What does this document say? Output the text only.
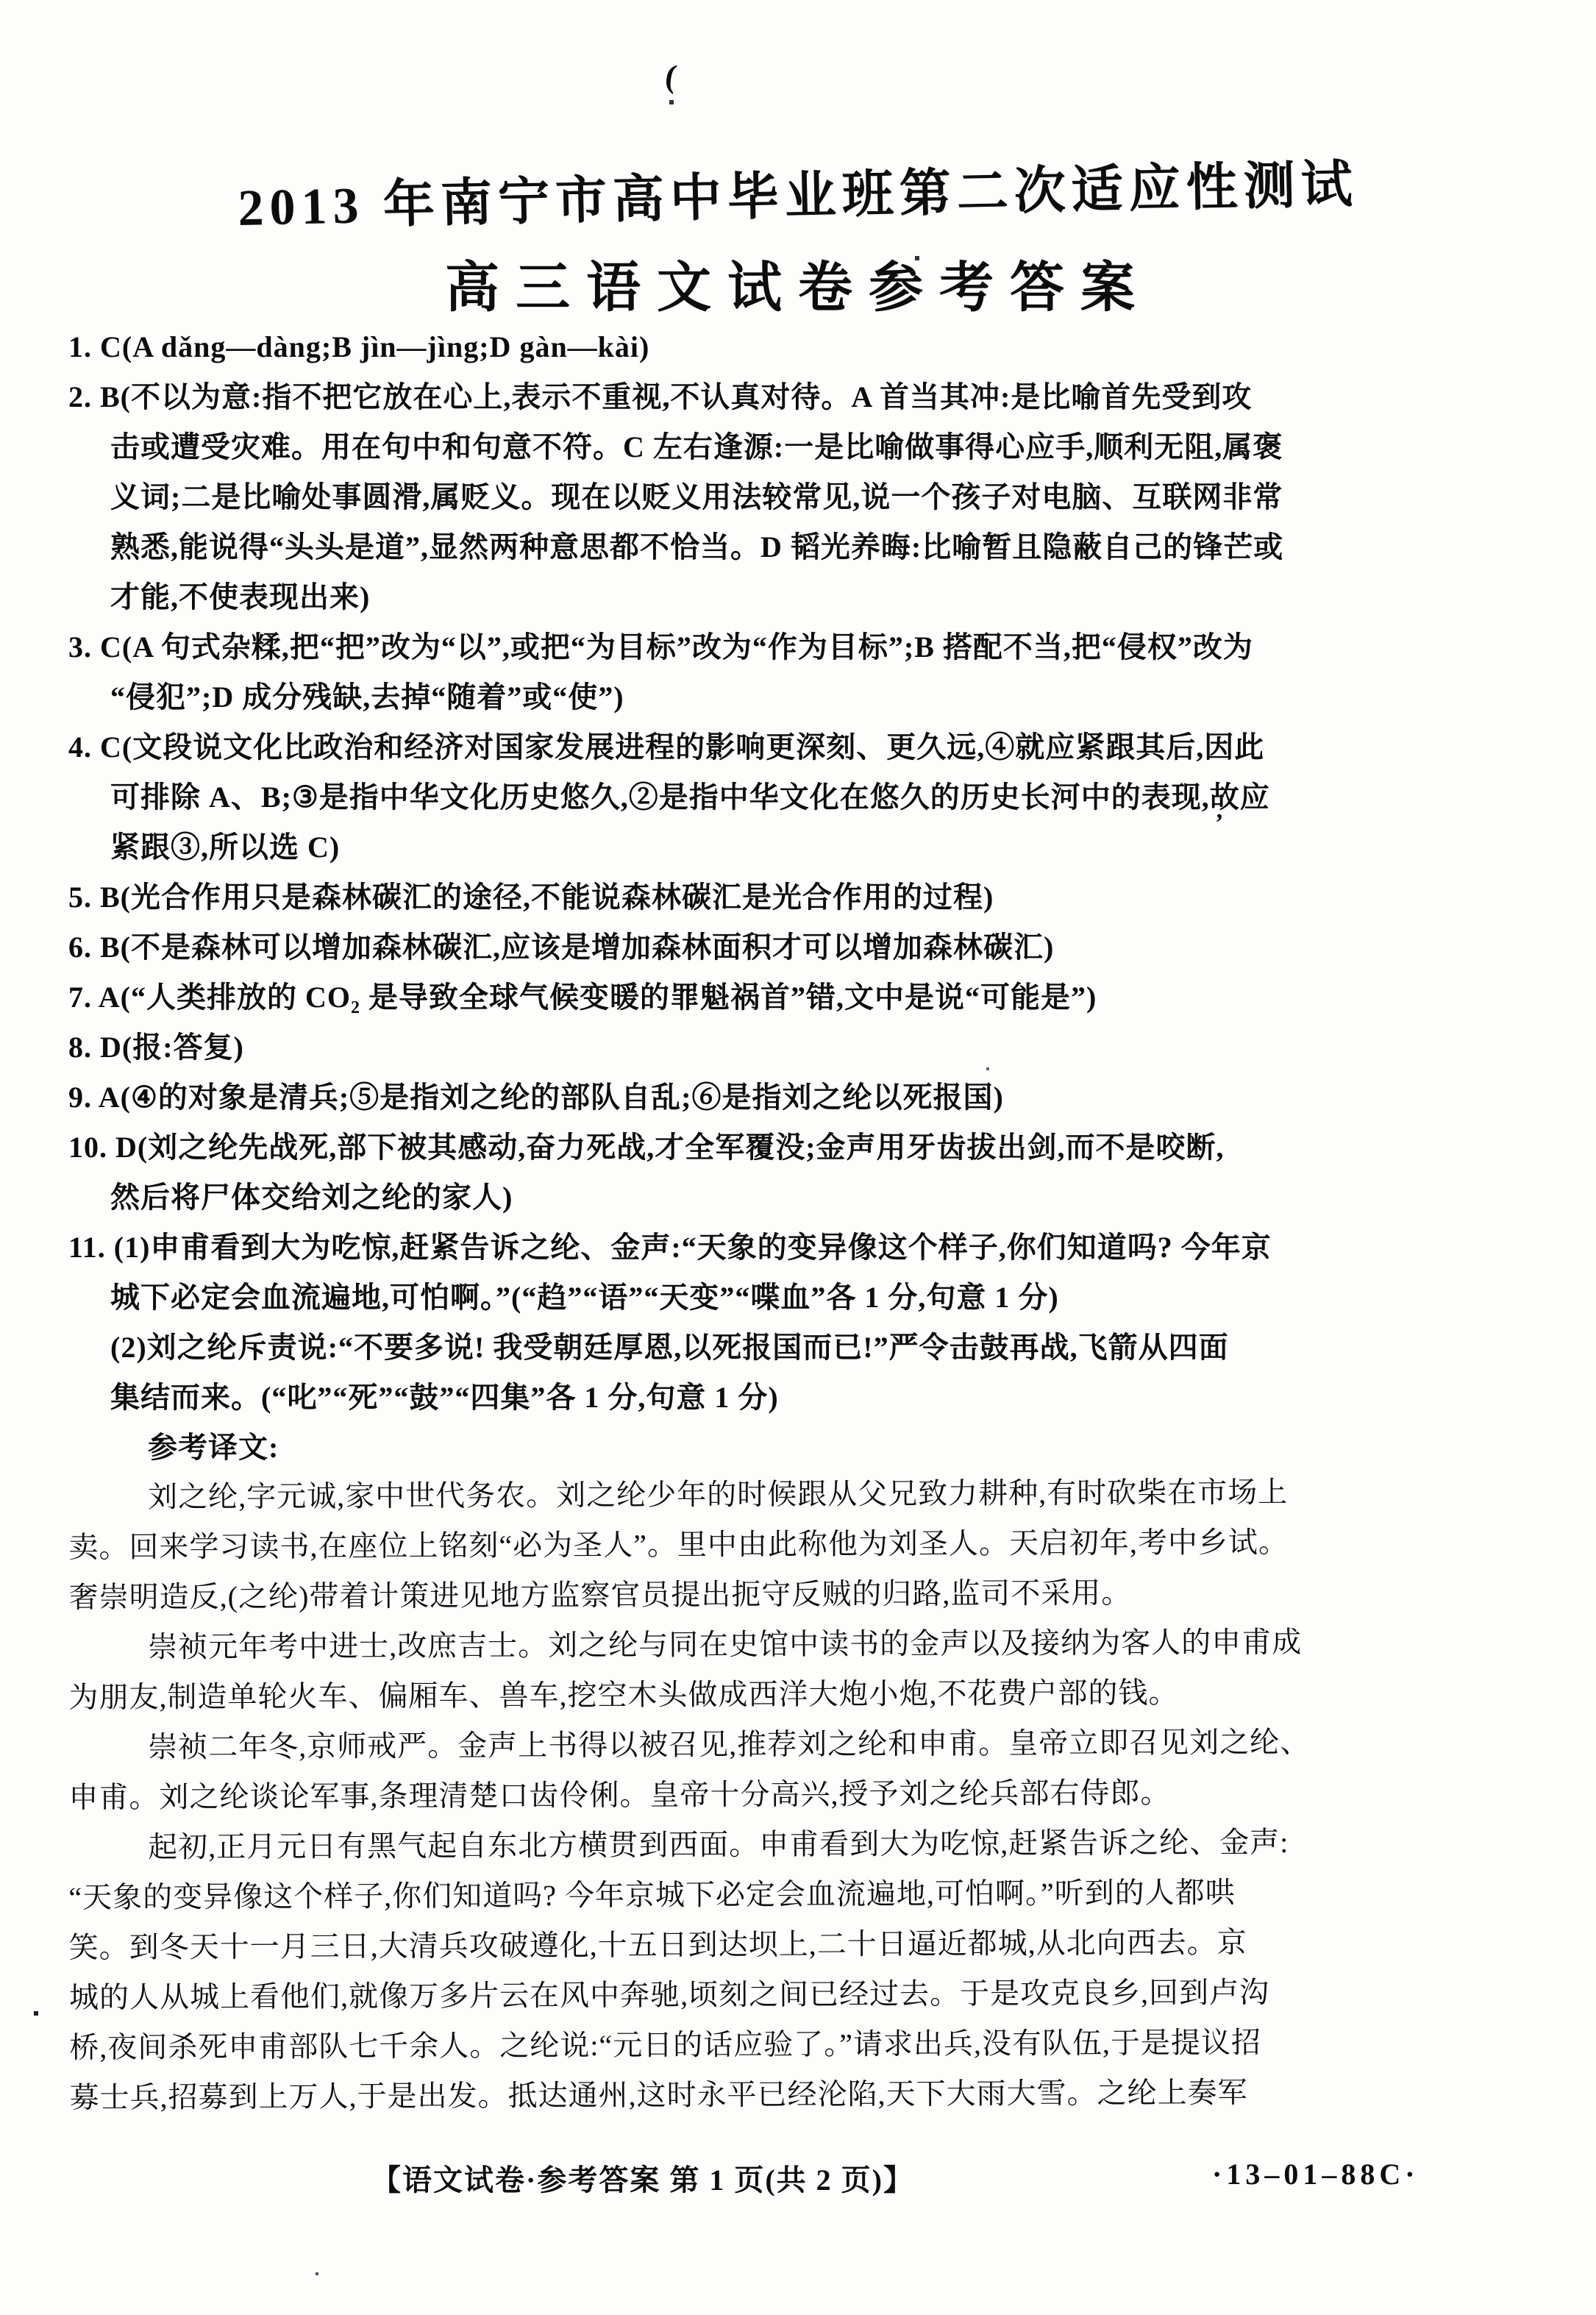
(
’
2013 年南宁市高中毕业班第二次适应性测试
高三语文试卷参考答案
1. C(A dǎng—dàng;B jìn—jìng;D gàn—kài)
2. B(不以为意:指不把它放在心上,表示不重视,不认真对待。A 首当其冲:是比喻首先受到攻
击或遭受灾难。用在句中和句意不符。C 左右逢源:一是比喻做事得心应手,顺利无阻,属褒
义词;二是比喻处事圆滑,属贬义。现在以贬义用法较常见,说一个孩子对电脑、互联网非常
熟悉,能说得“头头是道”,显然两种意思都不恰当。D 韬光养晦:比喻暂且隐蔽自己的锋芒或
才能,不使表现出来)
3. C(A 句式杂糅,把“把”改为“以”,或把“为目标”改为“作为目标”;B 搭配不当,把“侵权”改为
“侵犯”;D 成分残缺,去掉“随着”或“使”)
4. C(文段说文化比政治和经济对国家发展进程的影响更深刻、更久远,④就应紧跟其后,因此
可排除 A、B;③是指中华文化历史悠久,②是指中华文化在悠久的历史长河中的表现,故应
紧跟③,所以选 C)
5. B(光合作用只是森林碳汇的途径,不能说森林碳汇是光合作用的过程)
6. B(不是森林可以增加森林碳汇,应该是增加森林面积才可以增加森林碳汇)
7. A(“人类排放的 CO₂ 是导致全球气候变暖的罪魁祸首”错,文中是说“可能是”)
8. D(报:答复)
9. A(④的对象是清兵;⑤是指刘之纶的部队自乱;⑥是指刘之纶以死报国)
10. D(刘之纶先战死,部下被其感动,奋力死战,才全军覆没;金声用牙齿拔出剑,而不是咬断,
然后将尸体交给刘之纶的家人)
11. (1)申甫看到大为吃惊,赶紧告诉之纶、金声:“天象的变异像这个样子,你们知道吗? 今年京
城下必定会血流遍地,可怕啊。”(“趋”“语”“天变”“喋血”各 1 分,句意 1 分)
(2)刘之纶斥责说:“不要多说! 我受朝廷厚恩,以死报国而已!”严令击鼓再战,飞箭从四面
集结而来。(“叱”“死”“鼓”“四集”各 1 分,句意 1 分)
参考译文:
刘之纶,字元诚,家中世代务农。刘之纶少年的时候跟从父兄致力耕种,有时砍柴在市场上
卖。回来学习读书,在座位上铭刻“必为圣人”。里中由此称他为刘圣人。天启初年,考中乡试。
奢崇明造反,(之纶)带着计策进见地方监察官员提出扼守反贼的归路,监司不采用。
崇祯元年考中进士,改庶吉士。刘之纶与同在史馆中读书的金声以及接纳为客人的申甫成
为朋友,制造单轮火车、偏厢车、兽车,挖空木头做成西洋大炮小炮,不花费户部的钱。
崇祯二年冬,京师戒严。金声上书得以被召见,推荐刘之纶和申甫。皇帝立即召见刘之纶、
申甫。刘之纶谈论军事,条理清楚口齿伶俐。皇帝十分高兴,授予刘之纶兵部右侍郎。
起初,正月元日有黑气起自东北方横贯到西面。申甫看到大为吃惊,赶紧告诉之纶、金声:
“天象的变异像这个样子,你们知道吗? 今年京城下必定会血流遍地,可怕啊。”听到的人都哄
笑。到冬天十一月三日,大清兵攻破遵化,十五日到达坝上,二十日逼近都城,从北向西去。京
城的人从城上看他们,就像万多片云在风中奔驰,顷刻之间已经过去。于是攻克良乡,回到卢沟
桥,夜间杀死申甫部队七千余人。之纶说:“元日的话应验了。”请求出兵,没有队伍,于是提议招
募士兵,招募到上万人,于是出发。抵达通州,这时永平已经沦陷,天下大雨大雪。之纶上奏军
【语文试卷·参考答案 第 1 页(共 2 页)】	·13–01–88C·
